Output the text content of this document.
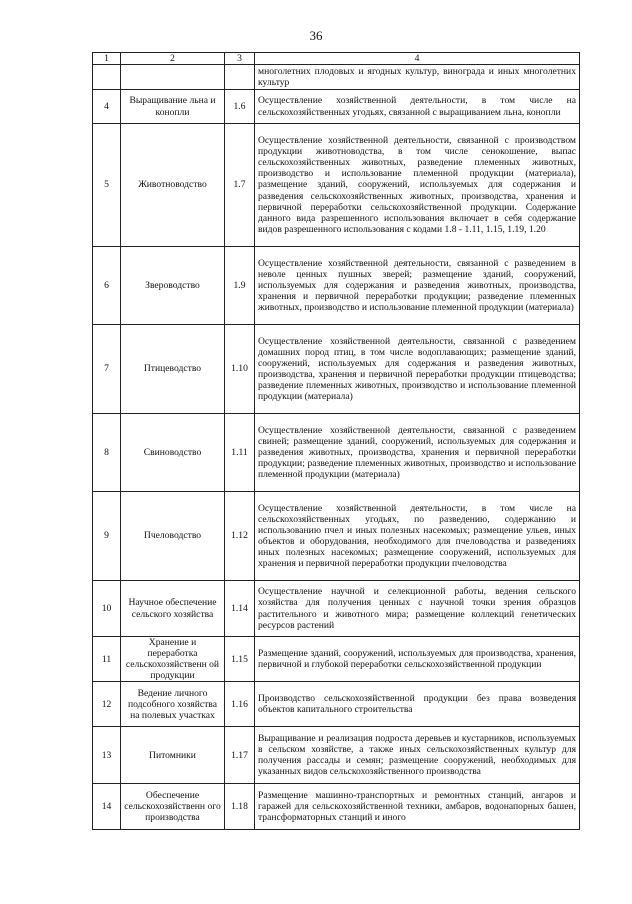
36
1	2	3	4
			многолетних плодовых и ягодных культур, винограда и иных многолетних культур
4	Выращивание льна и конопли	1.6	Осуществление хозяйственной деятельности, в том числе на сельскохозяйственных угодьях, связанной с выращиванием льна, конопли
5	Животноводство	1.7	Осуществление хозяйственной деятельности, связанной с производством продукции животноводства, в том числе сенокошение, выпас сельскохозяйственных животных, разведение племенных животных, производство и использование племенной продукции (материала), размещение зданий, сооружений, используемых для содержания и разведения сельскохозяйственных животных, производства, хранения и первичной переработки сельскохозяйственной продукции. Содержание данного вида разрешенного использования включает в себя содержание видов разрешенного использования с кодами 1.8 - 1.11, 1.15, 1.19, 1.20
6	Звероводство	1.9	Осуществление хозяйственной деятельности, связанной с разведением в неволе ценных пушных зверей; размещение зданий, сооружений, используемых для содержания и разведения животных, производства, хранения и первичной переработки продукции; разведение племенных животных, производство и использование племенной продукции (материала)
7	Птицеводство	1.10	Осуществление хозяйственной деятельности, связанной с разведением домашних пород птиц, в том числе водоплавающих; размещение зданий, сооружений, используемых для содержания и разведения животных, производства, хранения и первичной переработки продукции птицеводства; разведение племенных животных, производство и использование племенной продукции (материала)
8	Свиноводство	1.11	Осуществление хозяйственной деятельности, связанной с разведением свиней; размещение зданий, сооружений, используемых для содержания и разведения животных, производства, хранения и первичной переработки продукции; разведение племенных животных, производство и использование племенной продукции (материала)
9	Пчеловодство	1.12	Осуществление хозяйственной деятельности, в том числе на сельскохозяйственных угодьях, по разведению, содержанию и использованию пчел и иных полезных насекомых; размещение ульев, иных объектов и оборудования, необходимого для пчеловодства и разведениях иных полезных насекомых; размещение сооружений, используемых для хранения и первичной переработки продукции пчеловодства
10	Научное обеспечение сельского хозяйства	1.14	Осуществление научной и селекционной работы, ведения сельского хозяйства для получения ценных с научной точки зрения образцов растительного и животного мира; размещение коллекций генетических ресурсов растений
11	Хранение и переработка сельскохозяйственн ой продукции	1.15	Размещение зданий, сооружений, используемых для производства, хранения, первичной и глубокой переработки сельскохозяйственной продукции
12	Ведение личного подсобного хозяйства на полевых участках	1.16	Производство сельскохозяйственной продукции без права возведения объектов капитального строительства
13	Питомники	1.17	Выращивание и реализация подроста деревьев и кустарников, используемых в сельском хозяйстве, а также иных сельскохозяйственных культур для получения рассады и семян; размещение сооружений, необходимых для указанных видов сельскохозяйственного производства
14	Обеспечение сельскохозяйственн ого производства	1.18	Размещение машинно-транспортных и ремонтных станций, ангаров и гаражей для сельскохозяйственной техники, амбаров, водонапорных башен, трансформаторных станций и иного
